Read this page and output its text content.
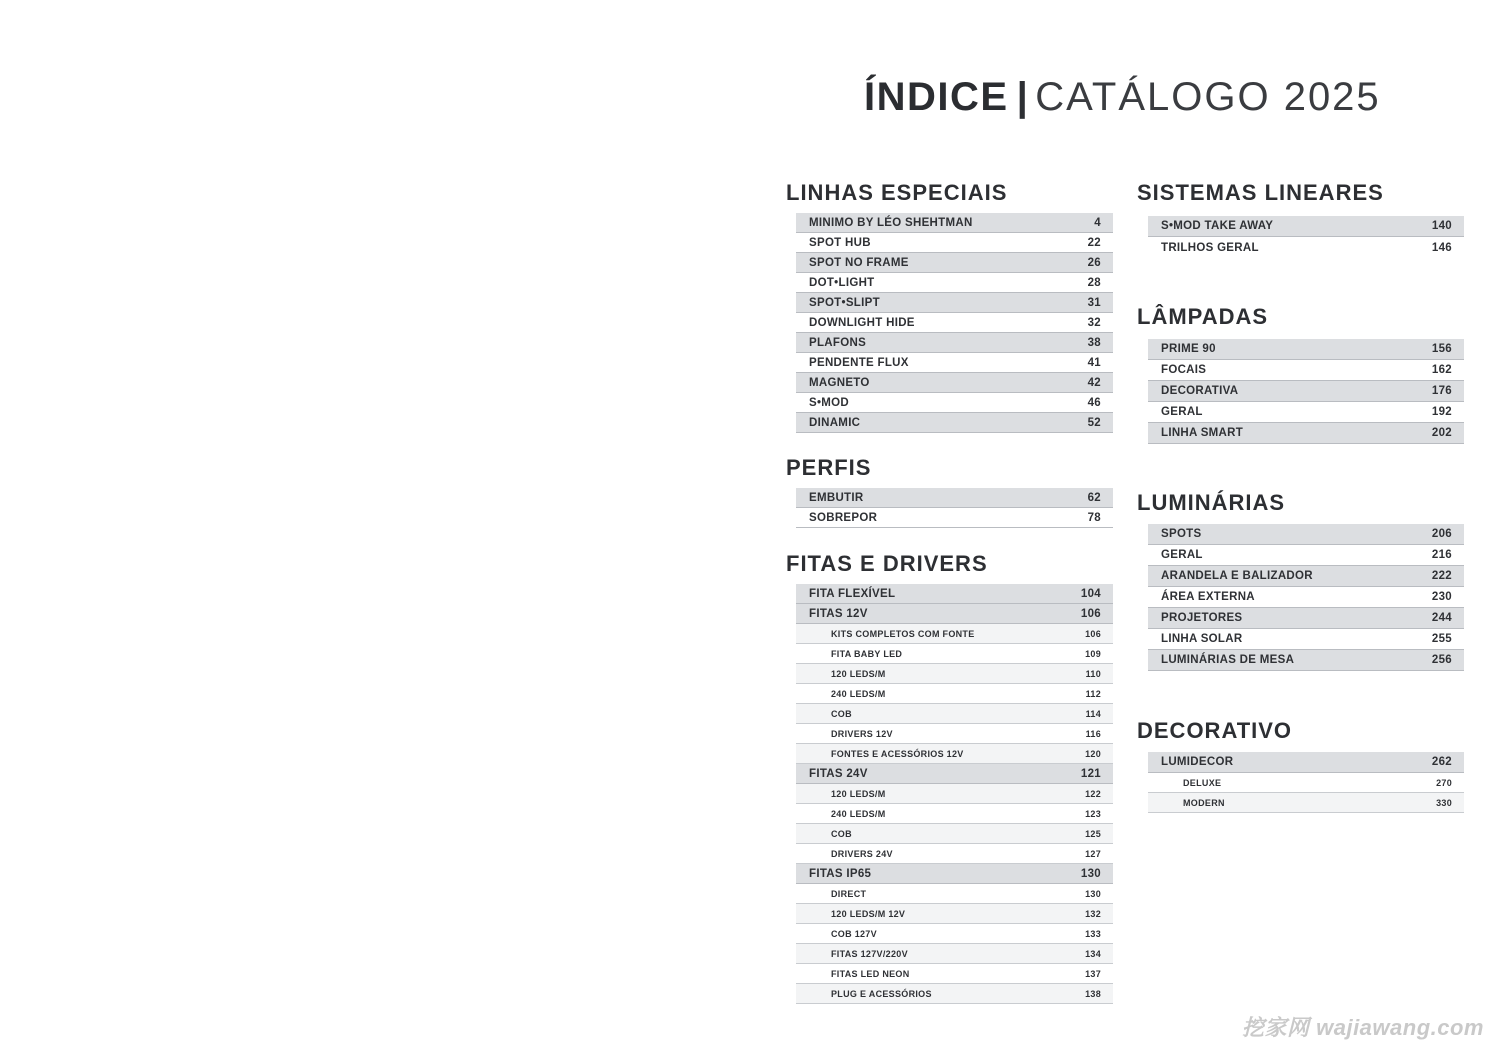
ÍNDICE | CATÁLOGO 2025
LINHAS ESPECIAIS
MINIMO BY LÉO SHEHTMAN	4
SPOT HUB	22
SPOT NO FRAME	26
DOT•LIGHT	28
SPOT•SLIPT	31
DOWNLIGHT HIDE	32
PLAFONS	38
PENDENTE FLUX	41
MAGNETO	42
S•MOD	46
DINAMIC	52
PERFIS
EMBUTIR	62
SOBREPOR	78
FITAS E DRIVERS
FITA FLEXÍVEL	104
FITAS 12V	106
KITS COMPLETOS COM FONTE	106
FITA BABY LED	109
120 LEDS/M	110
240 LEDS/M	112
COB	114
DRIVERS 12V	116
FONTES E ACESSÓRIOS 12V	120
FITAS 24V	121
120 LEDS/M	122
240 LEDS/M	123
COB	125
DRIVERS 24V	127
FITAS IP65	130
DIRECT	130
120 LEDS/M 12V	132
COB 127V	133
FITAS 127V/220V	134
FITAS LED NEON	137
PLUG E ACESSÓRIOS	138
SISTEMAS LINEARES
S•MOD TAKE AWAY	140
TRILHOS GERAL	146
LÂMPADAS
PRIME 90	156
FOCAIS	162
DECORATIVA	176
GERAL	192
LINHA SMART	202
LUMINÁRIAS
SPOTS	206
GERAL	216
ARANDELA E BALIZADOR	222
ÁREA EXTERNA	230
PROJETORES	244
LINHA SOLAR	255
LUMINÁRIAS DE MESA	256
DECORATIVO
LUMIDECOR	262
DELUXE	270
MODERN	330
挖家网 wajiawang.com
